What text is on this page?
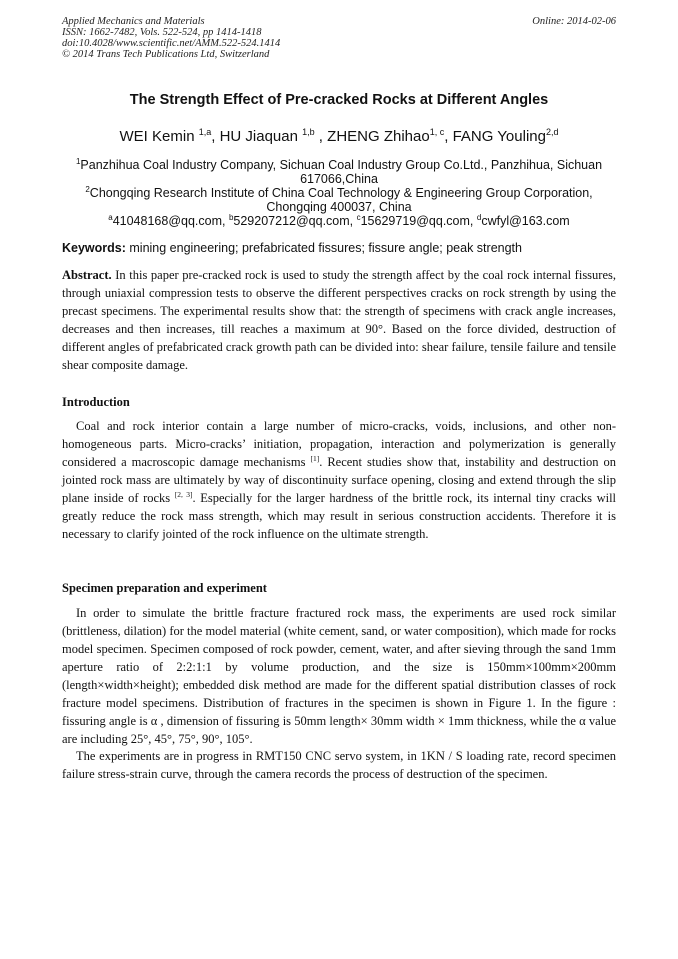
Applied Mechanics and Materials
ISSN: 1662-7482, Vols. 522-524, pp 1414-1418
doi:10.4028/www.scientific.net/AMM.522-524.1414
© 2014 Trans Tech Publications Ltd, Switzerland
Online: 2014-02-06
The Strength Effect of Pre-cracked Rocks at Different Angles
WEI Kemin $^{1,a}$, HU Jiaquan $^{1,b}$ , ZHENG Zhihao$^{1, c}$, FANG Youling$^{2,d}$
$^1$Panzhihua Coal Industry Company, Sichuan Coal Industry Group Co.Ltd., Panzhihua, Sichuan 617066,China
$^2$Chongqing Research Institute of China Coal Technology & Engineering Group Corporation, Chongqing 400037, China
$^a$41048168@qq.com, $^b$529207212@qq.com, $^c$15629719@qq.com, $^d$cwfyl@163.com
Keywords: mining engineering; prefabricated fissures; fissure angle; peak strength

Abstract. In this paper pre-cracked rock is used to study the strength affect by the coal rock internal fissures, through uniaxial compression tests to observe the different perspectives cracks on rock strength by using the precast specimens. The experimental results show that: the strength of specimens with crack angle increases, decreases and then increases, till reaches a maximum at 90°. Based on the force divided, destruction of different angles of prefabricated crack growth path can be divided into: shear failure, tensile failure and tensile shear composite damage.

Introduction

Coal and rock interior contain a large number of micro-cracks, voids, inclusions, and other non-homogeneous parts. Micro-cracks’ initiation, propagation, interaction and polymerization is generally considered a macroscopic damage mechanisms [1]. Recent studies show that, instability and destruction on jointed rock mass are ultimately by way of discontinuity surface opening, closing and extend through the slip plane inside of rocks [2, 3]. Especially for the larger hardness of the brittle rock, its internal tiny cracks will greatly reduce the rock mass strength, which may result in serious construction accidents. Therefore it is necessary to clarify jointed of the rock influence on the ultimate strength.

Specimen preparation and experiment

In order to simulate the brittle fracture fractured rock mass, the experiments are used rock similar (brittleness, dilation) for the model material (white cement, sand, or water composition), which made for rocks model specimen. Specimen composed of rock powder, cement, water, and after sieving through the sand 1mm aperture ratio of 2:2:1:1 by volume production, and the size is 150mm×100mm×200mm (length×width×height); embedded disk method are made for the different spatial distribution classes of rock fracture model specimens. Distribution of fractures in the specimen is shown in Figure 1. In the figure : fissuring angle is α , dimension of fissuring is 50mm length× 30mm width × 1mm thickness, while the α value are including 25°, 45°, 75°, 90°, 105°.

The experiments are in progress in RMT150 CNC servo system, in 1KN / S loading rate, record specimen failure stress-strain curve, through the camera records the process of destruction of the specimen.
